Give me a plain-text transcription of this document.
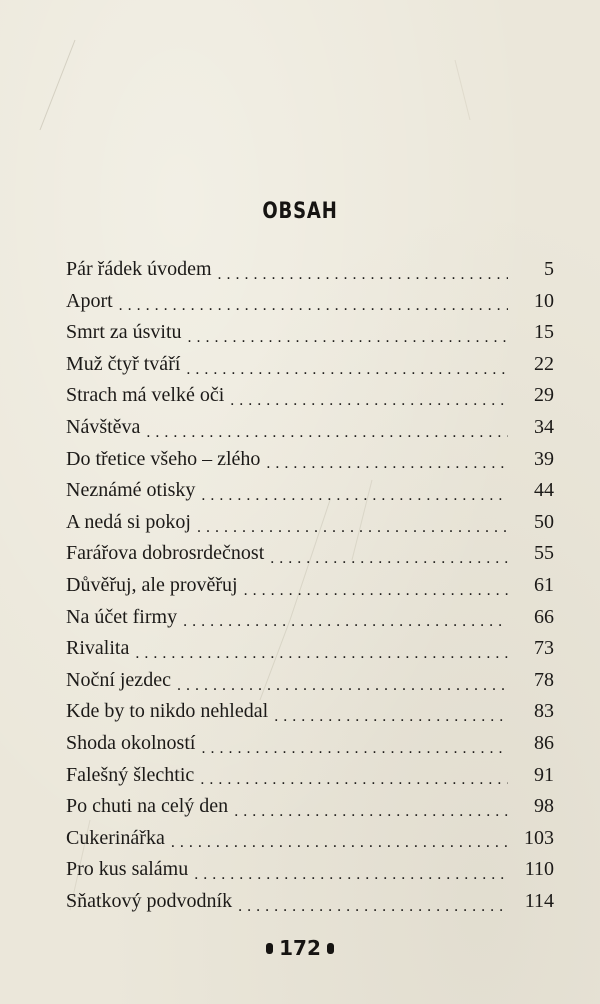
OBSAH
Pár řádek úvodem . . .	5
Aport . . .	10
Smrt za úsvitu . . .	15
Muž čtyř tváří . . .	22
Strach má velké oči . . .	29
Návštěva . . .	34
Do třetice všeho – zlého . . .	39
Neznámé otisky . . .	44
A nedá si pokoj . . .	50
Farářova dobrosrdečnost . . .	55
Důvěřuj, ale prověřuj . . .	61
Na účet firmy . . .	66
Rivalita . . .	73
Noční jezdec . . .	78
Kde by to nikdo nehledal . . .	83
Shoda okolností . . .	86
Falešný šlechtic . . .	91
Po chuti na celý den . . .	98
Cukerinářka . . .	103
Pro kus salámu . . .	110
Sňatkový podvodník . . .	114
172
